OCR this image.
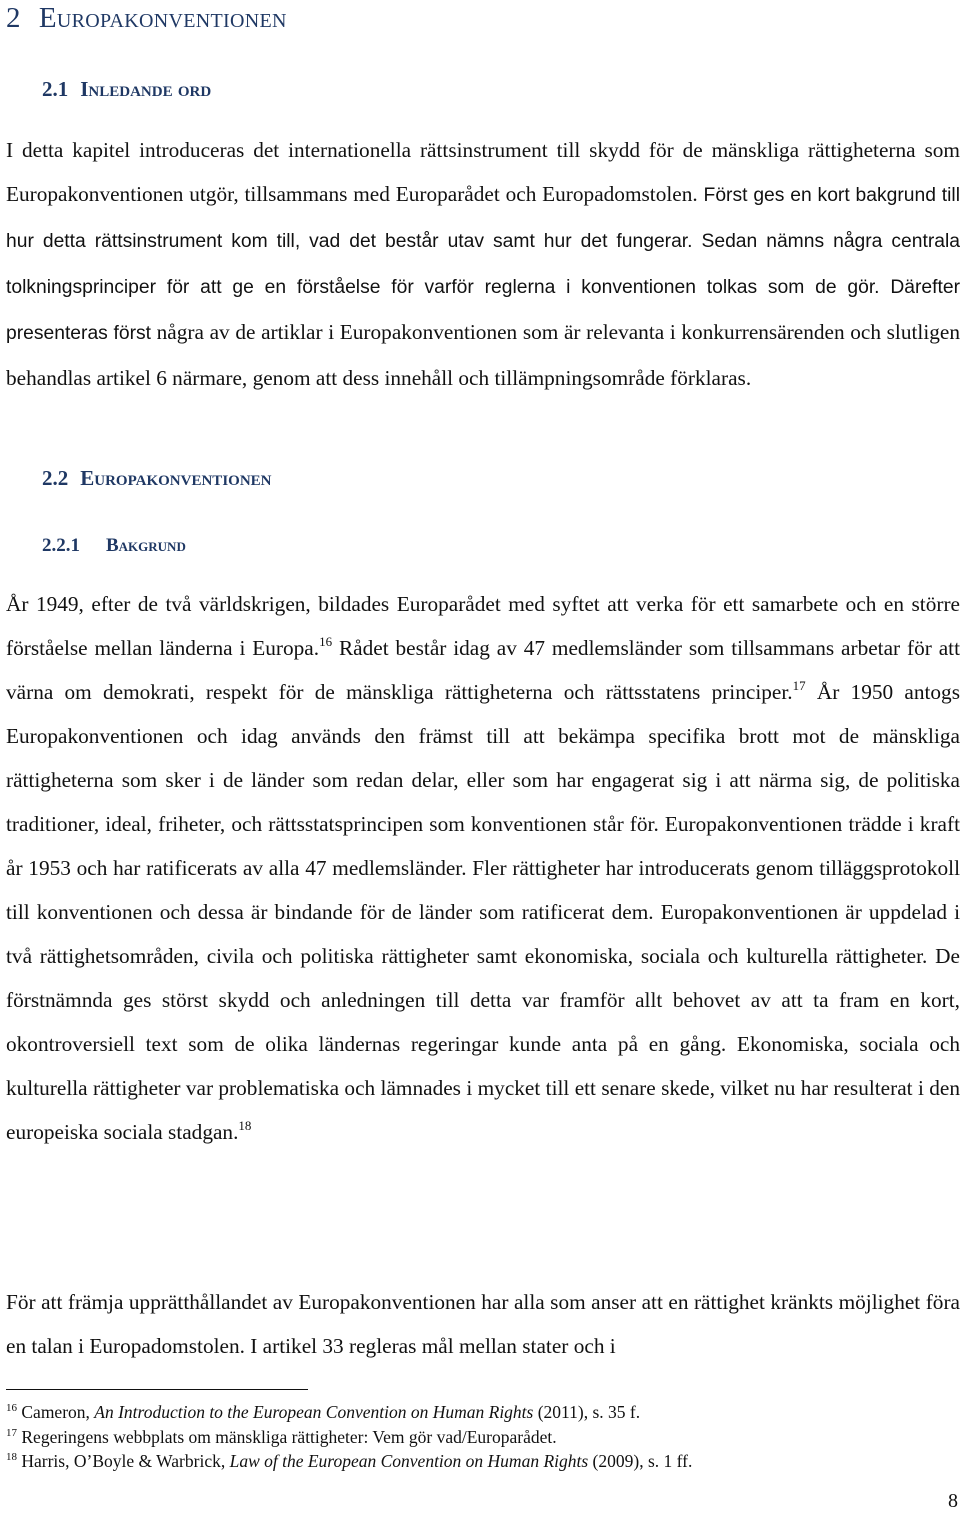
2 Europakonventionen
2.1 Inledande ord

I detta kapitel introduceras det internationella rättsinstrument till skydd för de mänskliga rättigheterna som Europakonventionen utgör, tillsammans med Europarådet och Europadomstolen. Först ges en kort bakgrund till hur detta rättsinstrument kom till, vad det består utav samt hur det fungerar. Sedan nämns några centrala tolkningsprinciper för att ge en förståelse för varför reglerna i konventionen tolkas som de gör. Därefter presenteras först några av de artiklar i Europakonventionen som är relevanta i konkurrensärenden och slutligen behandlas artikel 6 närmare, genom att dess innehåll och tillämpningsområde förklaras.

2.2 Europakonventionen
2.2.1 Bakgrund

År 1949, efter de två världskrigen, bildades Europarådet med syftet att verka för ett samarbete och en större förståelse mellan länderna i Europa.$^{16}$ Rådet består idag av 47 medlemsländer som tillsammans arbetar för att värna om demokrati, respekt för de mänskliga rättigheterna och rättsstatens principer.$^{17}$ År 1950 antogs Europakonventionen och idag används den främst till att bekämpa specifika brott mot de mänskliga rättigheterna som sker i de länder som redan delar, eller som har engagerat sig i att närma sig, de politiska traditioner, ideal, friheter, och rättsstatsprincipen som konventionen står för. Europakonventionen trädde i kraft år 1953 och har ratificerats av alla 47 medlemsländer. Fler rättigheter har introducerats genom tilläggsprotokoll till konventionen och dessa är bindande för de länder som ratificerat dem. Europakonventionen är uppdelad i två rättighetsområden, civila och politiska rättigheter samt ekonomiska, sociala och kulturella rättigheter. De förstnämnda ges störst skydd och anledningen till detta var framför allt behovet av att ta fram en kort, okontroversiell text som de olika ländernas regeringar kunde anta på en gång. Ekonomiska, sociala och kulturella rättigheter var problematiska och lämnades i mycket till ett senare skede, vilket nu har resulterat i den europeiska sociala stadgan.$^{18}$

För att främja upprätthållandet av Europakonventionen har alla som anser att en rättighet kränkts möjlighet föra en talan i Europadomstolen. I artikel 33 regleras mål mellan stater och i

$^{16}$ Cameron, An Introduction to the European Convention on Human Rights (2011), s. 35 f.

$^{17}$ Regeringens webbplats om mänskliga rättigheter: Vem gör vad/Europarådet.

$^{18}$ Harris, O’Boyle & Warbrick, Law of the European Convention on Human Rights (2009), s. 1 ff.

8
